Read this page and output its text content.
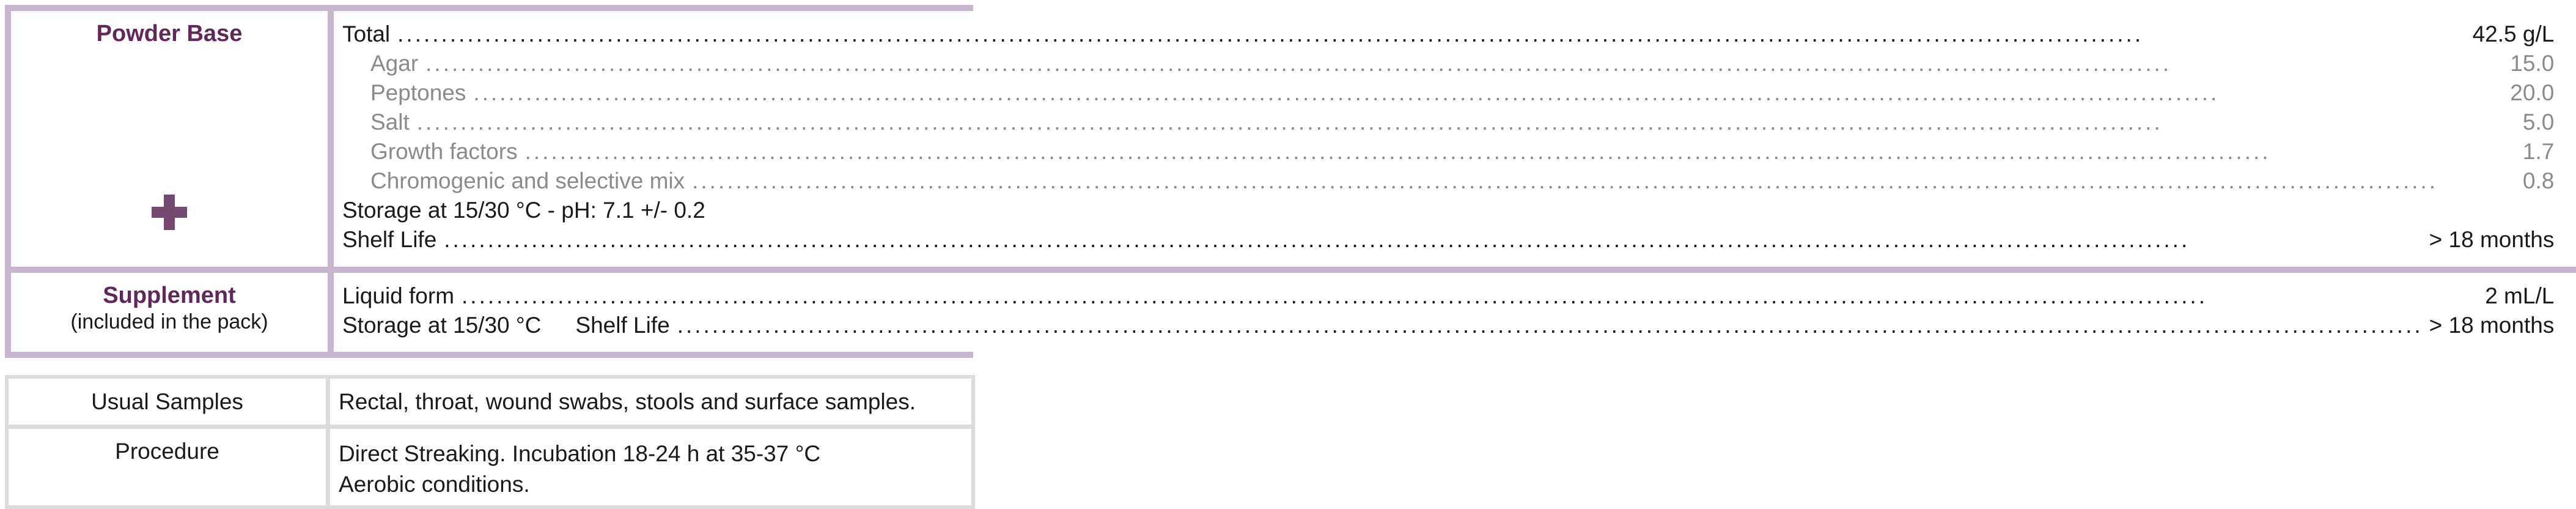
Powder Base	Total .....	42.5 g/L
Agar .....	15.0
Peptones .....	20.0
Salt .....	5.0
Growth factors .....	1.7
Chromogenic and selective mix .....	0.8
Storage at 15/30 °C - pH: 7.1 +/- 0.2
Shelf Life .....	> 18 months
Supplement
(included in the pack)
Liquid form .....	2 mL/L
Storage at 15/30 °C Shelf Life .....	> 18 months
Usual Samples	Rectal, throat, wound swabs, stools and surface samples.
Procedure	Direct Streaking. Incubation 18-24 h at 35-37 °C
Aerobic conditions.
